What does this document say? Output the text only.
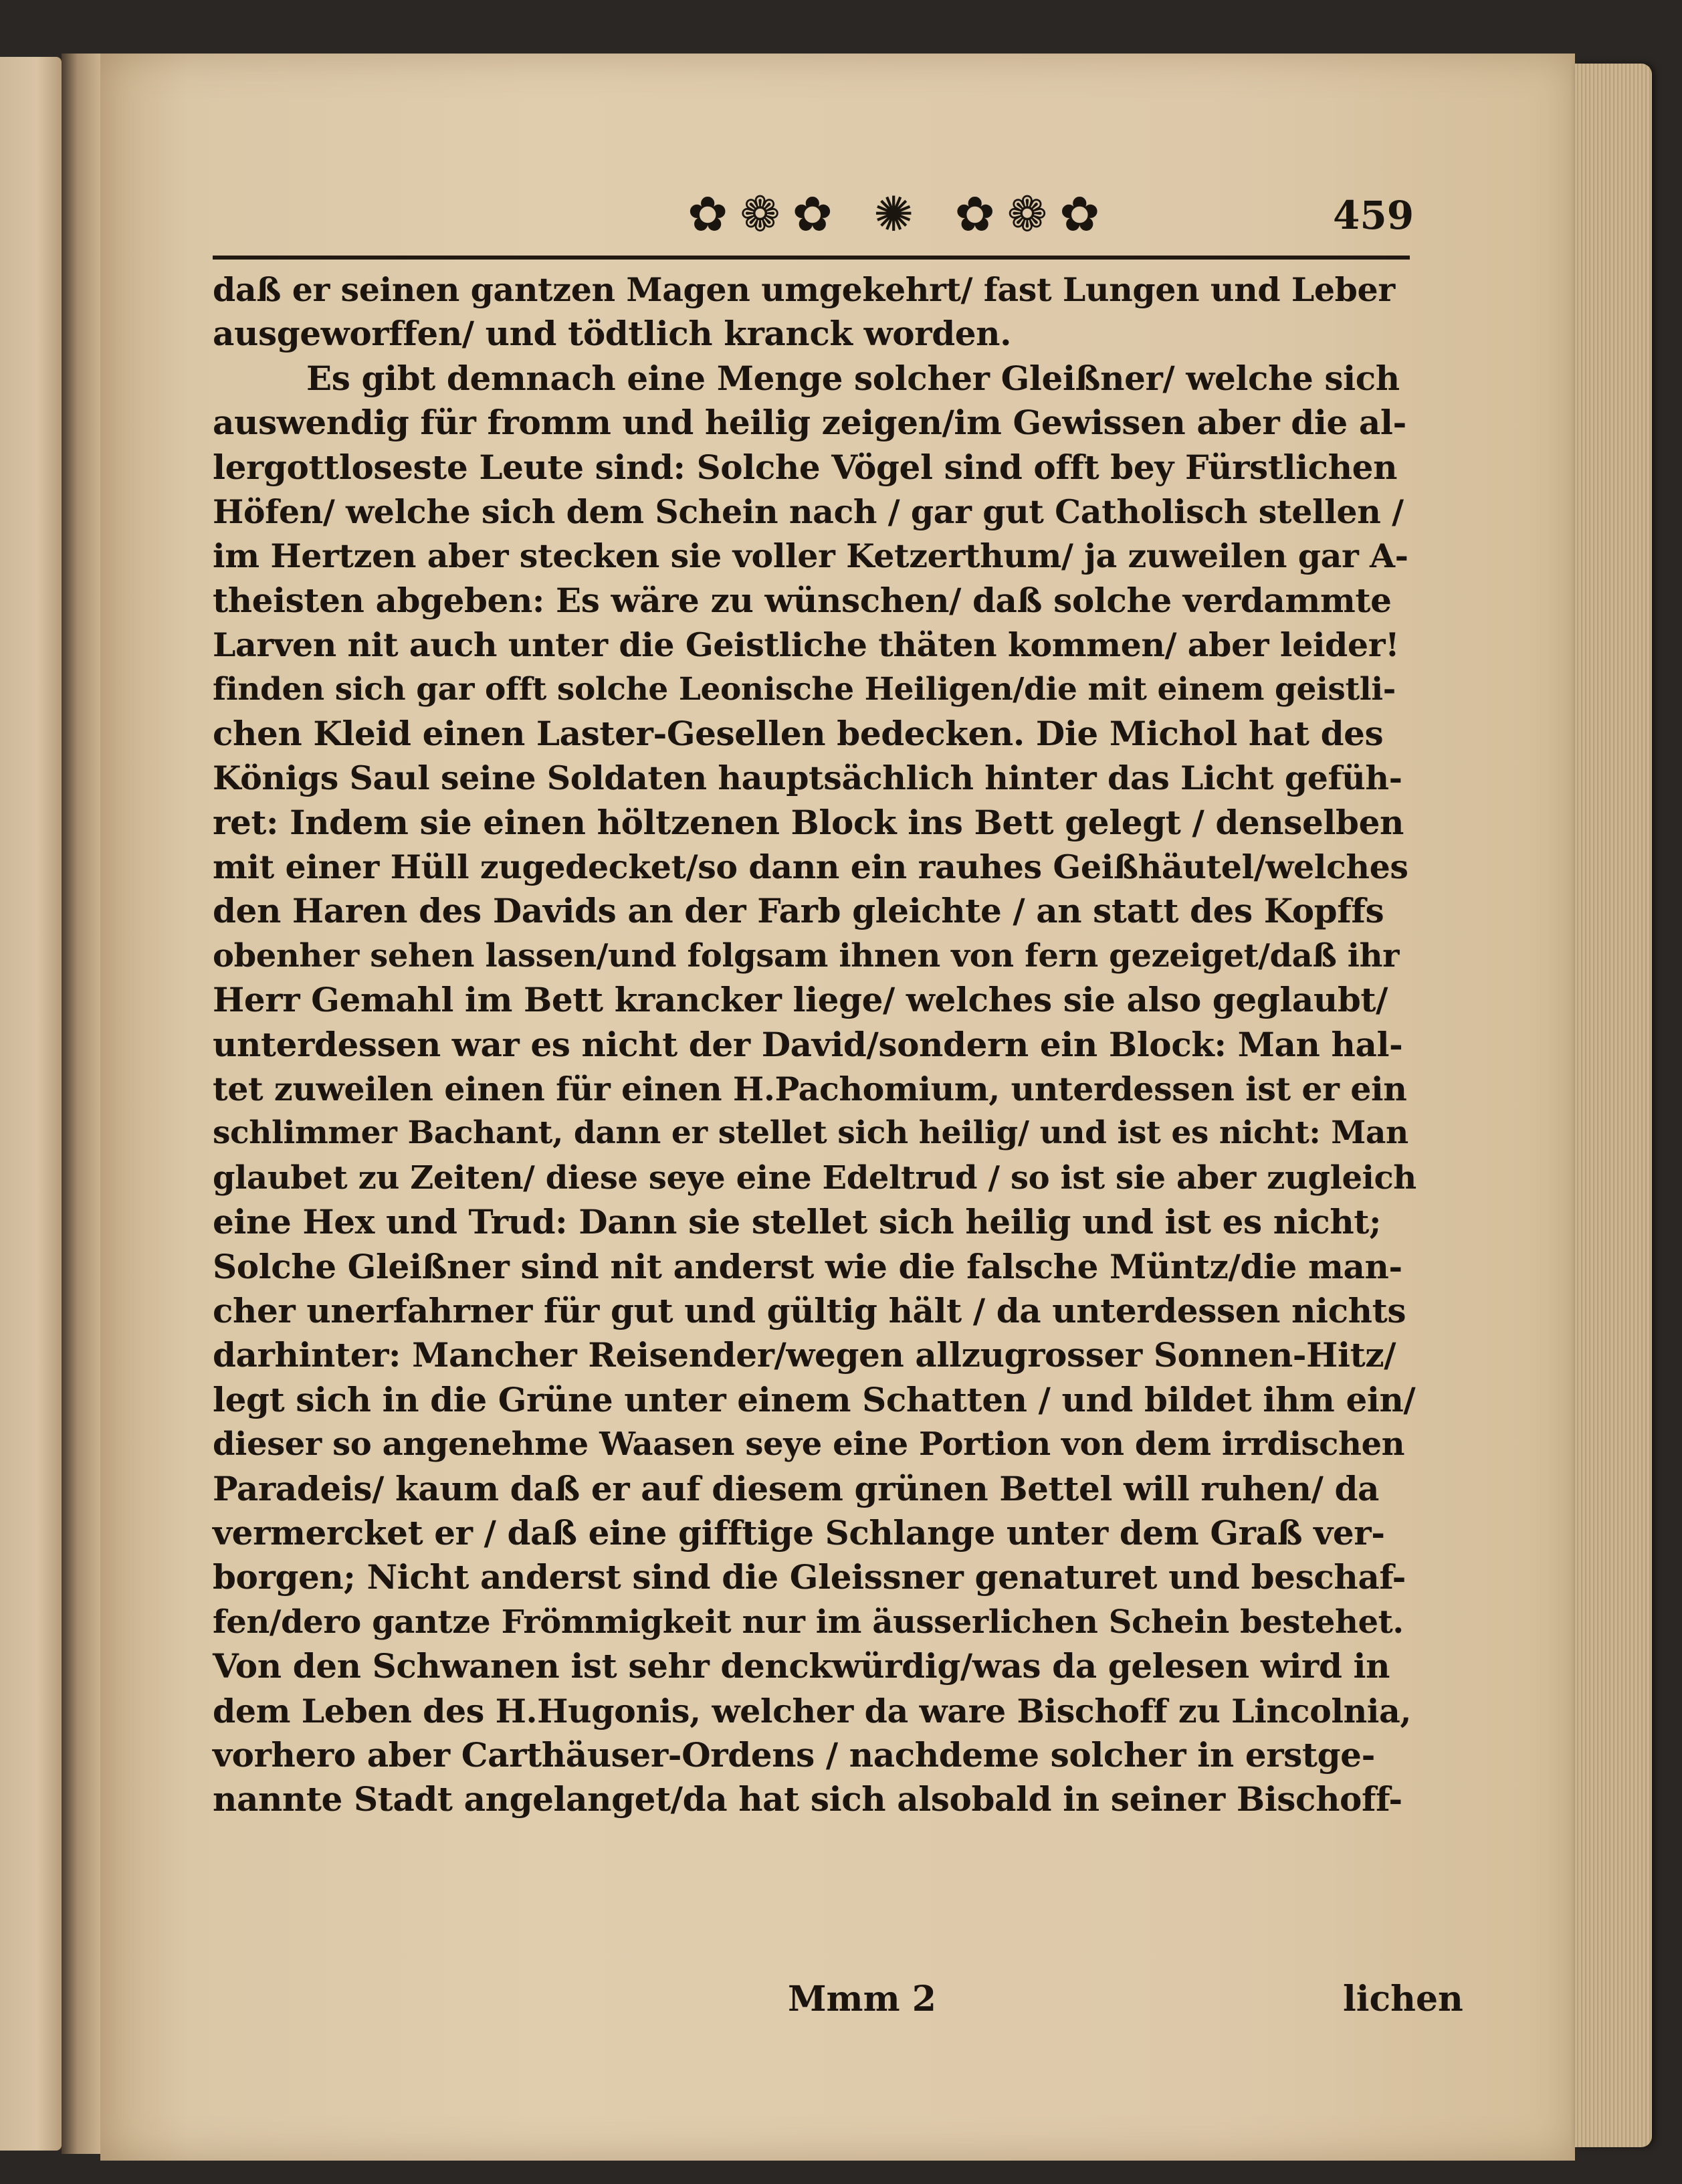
✿❁✿ ✺ ✿❁✿	459
daß er seinen gantzen Magen umgekehrt/ fast Lungen und Leber
ausgeworffen/ und tödtlich kranck worden.
Es gibt demnach eine Menge solcher Gleißner/ welche sich
auswendig für fromm und heilig zeigen/im Gewissen aber die al-
lergottloseste Leute sind: Solche Vögel sind offt bey Fürstlichen
Höfen/ welche sich dem Schein nach / gar gut Catholisch stellen /
im Hertzen aber stecken sie voller Ketzerthum/ ja zuweilen gar A-
theisten abgeben: Es wäre zu wünschen/ daß solche verdammte
Larven nit auch unter die Geistliche thäten kommen/ aber leider!
finden sich gar offt solche Leonische Heiligen/die mit einem geistli-
chen Kleid einen Laster-Gesellen bedecken. Die Michol hat des
Königs Saul seine Soldaten hauptsächlich hinter das Licht gefüh-
ret: Indem sie einen höltzenen Block ins Bett gelegt / denselben
mit einer Hüll zugedecket/so dann ein rauhes Geißhäutel/welches
den Haren des Davids an der Farb gleichte / an statt des Kopffs
obenher sehen lassen/und folgsam ihnen von fern gezeiget/daß ihr
Herr Gemahl im Bett krancker liege/ welches sie also geglaubt/
unterdessen war es nicht der David/sondern ein Block: Man hal-
tet zuweilen einen für einen H.Pachomium, unterdessen ist er ein
schlimmer Bachant, dann er stellet sich heilig/ und ist es nicht: Man
glaubet zu Zeiten/ diese seye eine Edeltrud / so ist sie aber zugleich
eine Hex und Trud: Dann sie stellet sich heilig und ist es nicht;
Solche Gleißner sind nit anderst wie die falsche Müntz/die man-
cher unerfahrner für gut und gültig hält / da unterdessen nichts
darhinter: Mancher Reisender/wegen allzugrosser Sonnen-Hitz/
legt sich in die Grüne unter einem Schatten / und bildet ihm ein/
dieser so angenehme Waasen seye eine Portion von dem irrdischen
Paradeis/ kaum daß er auf diesem grünen Bettel will ruhen/ da
vermercket er / daß eine gifftige Schlange unter dem Graß ver-
borgen; Nicht anderst sind die Gleissner genaturet und beschaf-
fen/dero gantze Frömmigkeit nur im äusserlichen Schein bestehet.
Von den Schwanen ist sehr denckwürdig/was da gelesen wird in
dem Leben des H.Hugonis, welcher da ware Bischoff zu Lincolnia,
vorhero aber Carthäuser-Ordens / nachdeme solcher in erstge-
nannte Stadt angelanget/da hat sich alsobald in seiner Bischoff-
Mmm 2	lichen
